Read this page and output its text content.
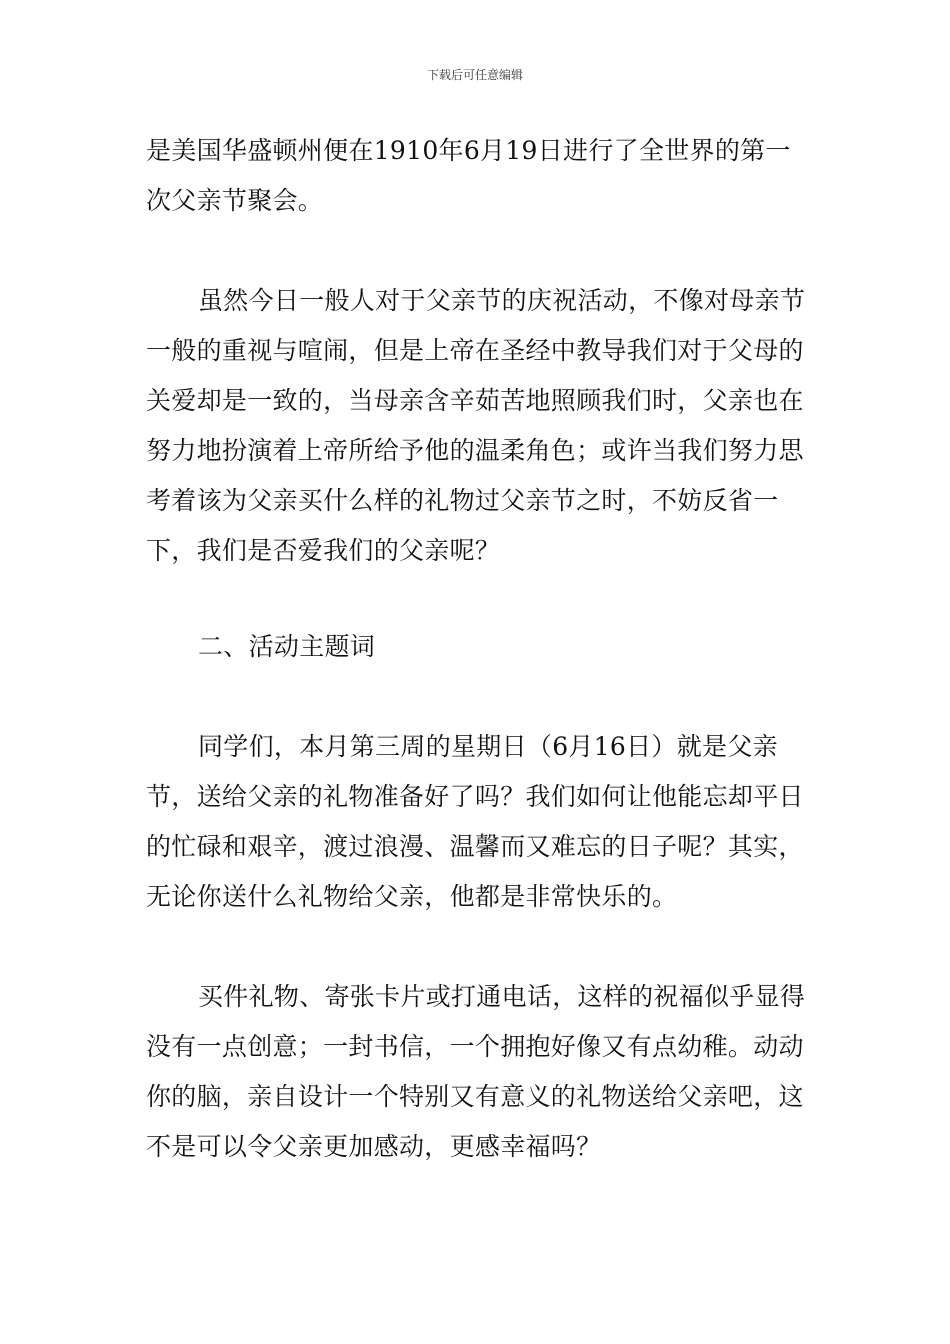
下载后可任意编辑

是美国华盛顿州便在1910年6月19日进行了全世界的第一次父亲节聚会。

虽然今日一般人对于父亲节的庆祝活动，不像对母亲节一般的重视与喧闹，但是上帝在圣经中教导我们对于父母的关爱却是一致的，当母亲含辛茹苦地照顾我们时，父亲也在努力地扮演着上帝所给予他的温柔角色；或许当我们努力思考着该为父亲买什么样的礼物过父亲节之时，不妨反省一下，我们是否爱我们的父亲呢？

二、活动主题词

同学们，本月第三周的星期日（6月16日）就是父亲节，送给父亲的礼物准备好了吗？我们如何让他能忘却平日的忙碌和艰辛，渡过浪漫、温馨而又难忘的日子呢？其实，无论你送什么礼物给父亲，他都是非常快乐的。

买件礼物、寄张卡片或打通电话，这样的祝福似乎显得没有一点创意；一封书信，一个拥抱好像又有点幼稚。动动你的脑，亲自设计一个特别又有意义的礼物送给父亲吧，这不是可以令父亲更加感动，更感幸福吗？
